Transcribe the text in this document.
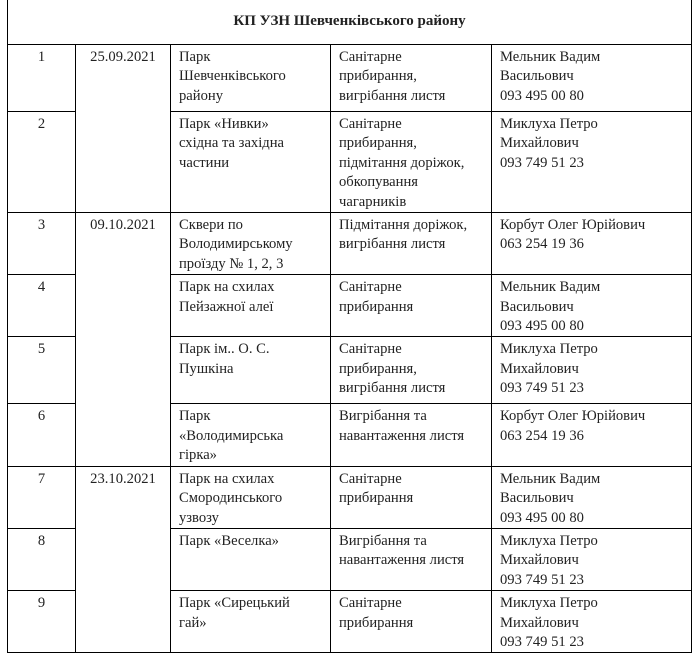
КП УЗН Шевченківського району				
1	25.09.2021	Парк
Шевченківського
району	Санітарне
прибирання,
вигрібання листя	Мельник Вадим
Васильович
093 495 00 80

2		Парк «Нивки»
східна та західна
частини	Санітарне
прибирання,
підмітання доріжок,
обкопування
чагарників	Миклуха Петро
Михайлович
093 749 51 23

3	09.10.2021	Сквери по
Володимирському
проїзду № 1, 2, 3	Підмітання доріжок,
вигрібання листя	Корбут Олег Юрійович
063 254 19 36

4		Парк на схилах
Пейзажної алеї	Санітарне
прибирання	Мельник Вадим
Васильович
093 495 00 80

5		Парк ім.. О. С.
Пушкіна	Санітарне
прибирання,
вигрібання листя	Миклуха Петро
Михайлович
093 749 51 23

6		Парк
«Володимирська
гірка»	Вигрібання та
навантаження листя	Корбут Олег Юрійович
063 254 19 36

7	23.10.2021	Парк на схилах
Смородинського
узвозу	Санітарне
прибирання	Мельник Вадим
Васильович
093 495 00 80

8		Парк «Веселка»	Вигрібання та
навантаження листя	Миклуха Петро
Михайлович
093 749 51 23

9		Парк «Сирецький
гай»	Санітарне
прибирання	Миклуха Петро
Михайлович
093 749 51 23
